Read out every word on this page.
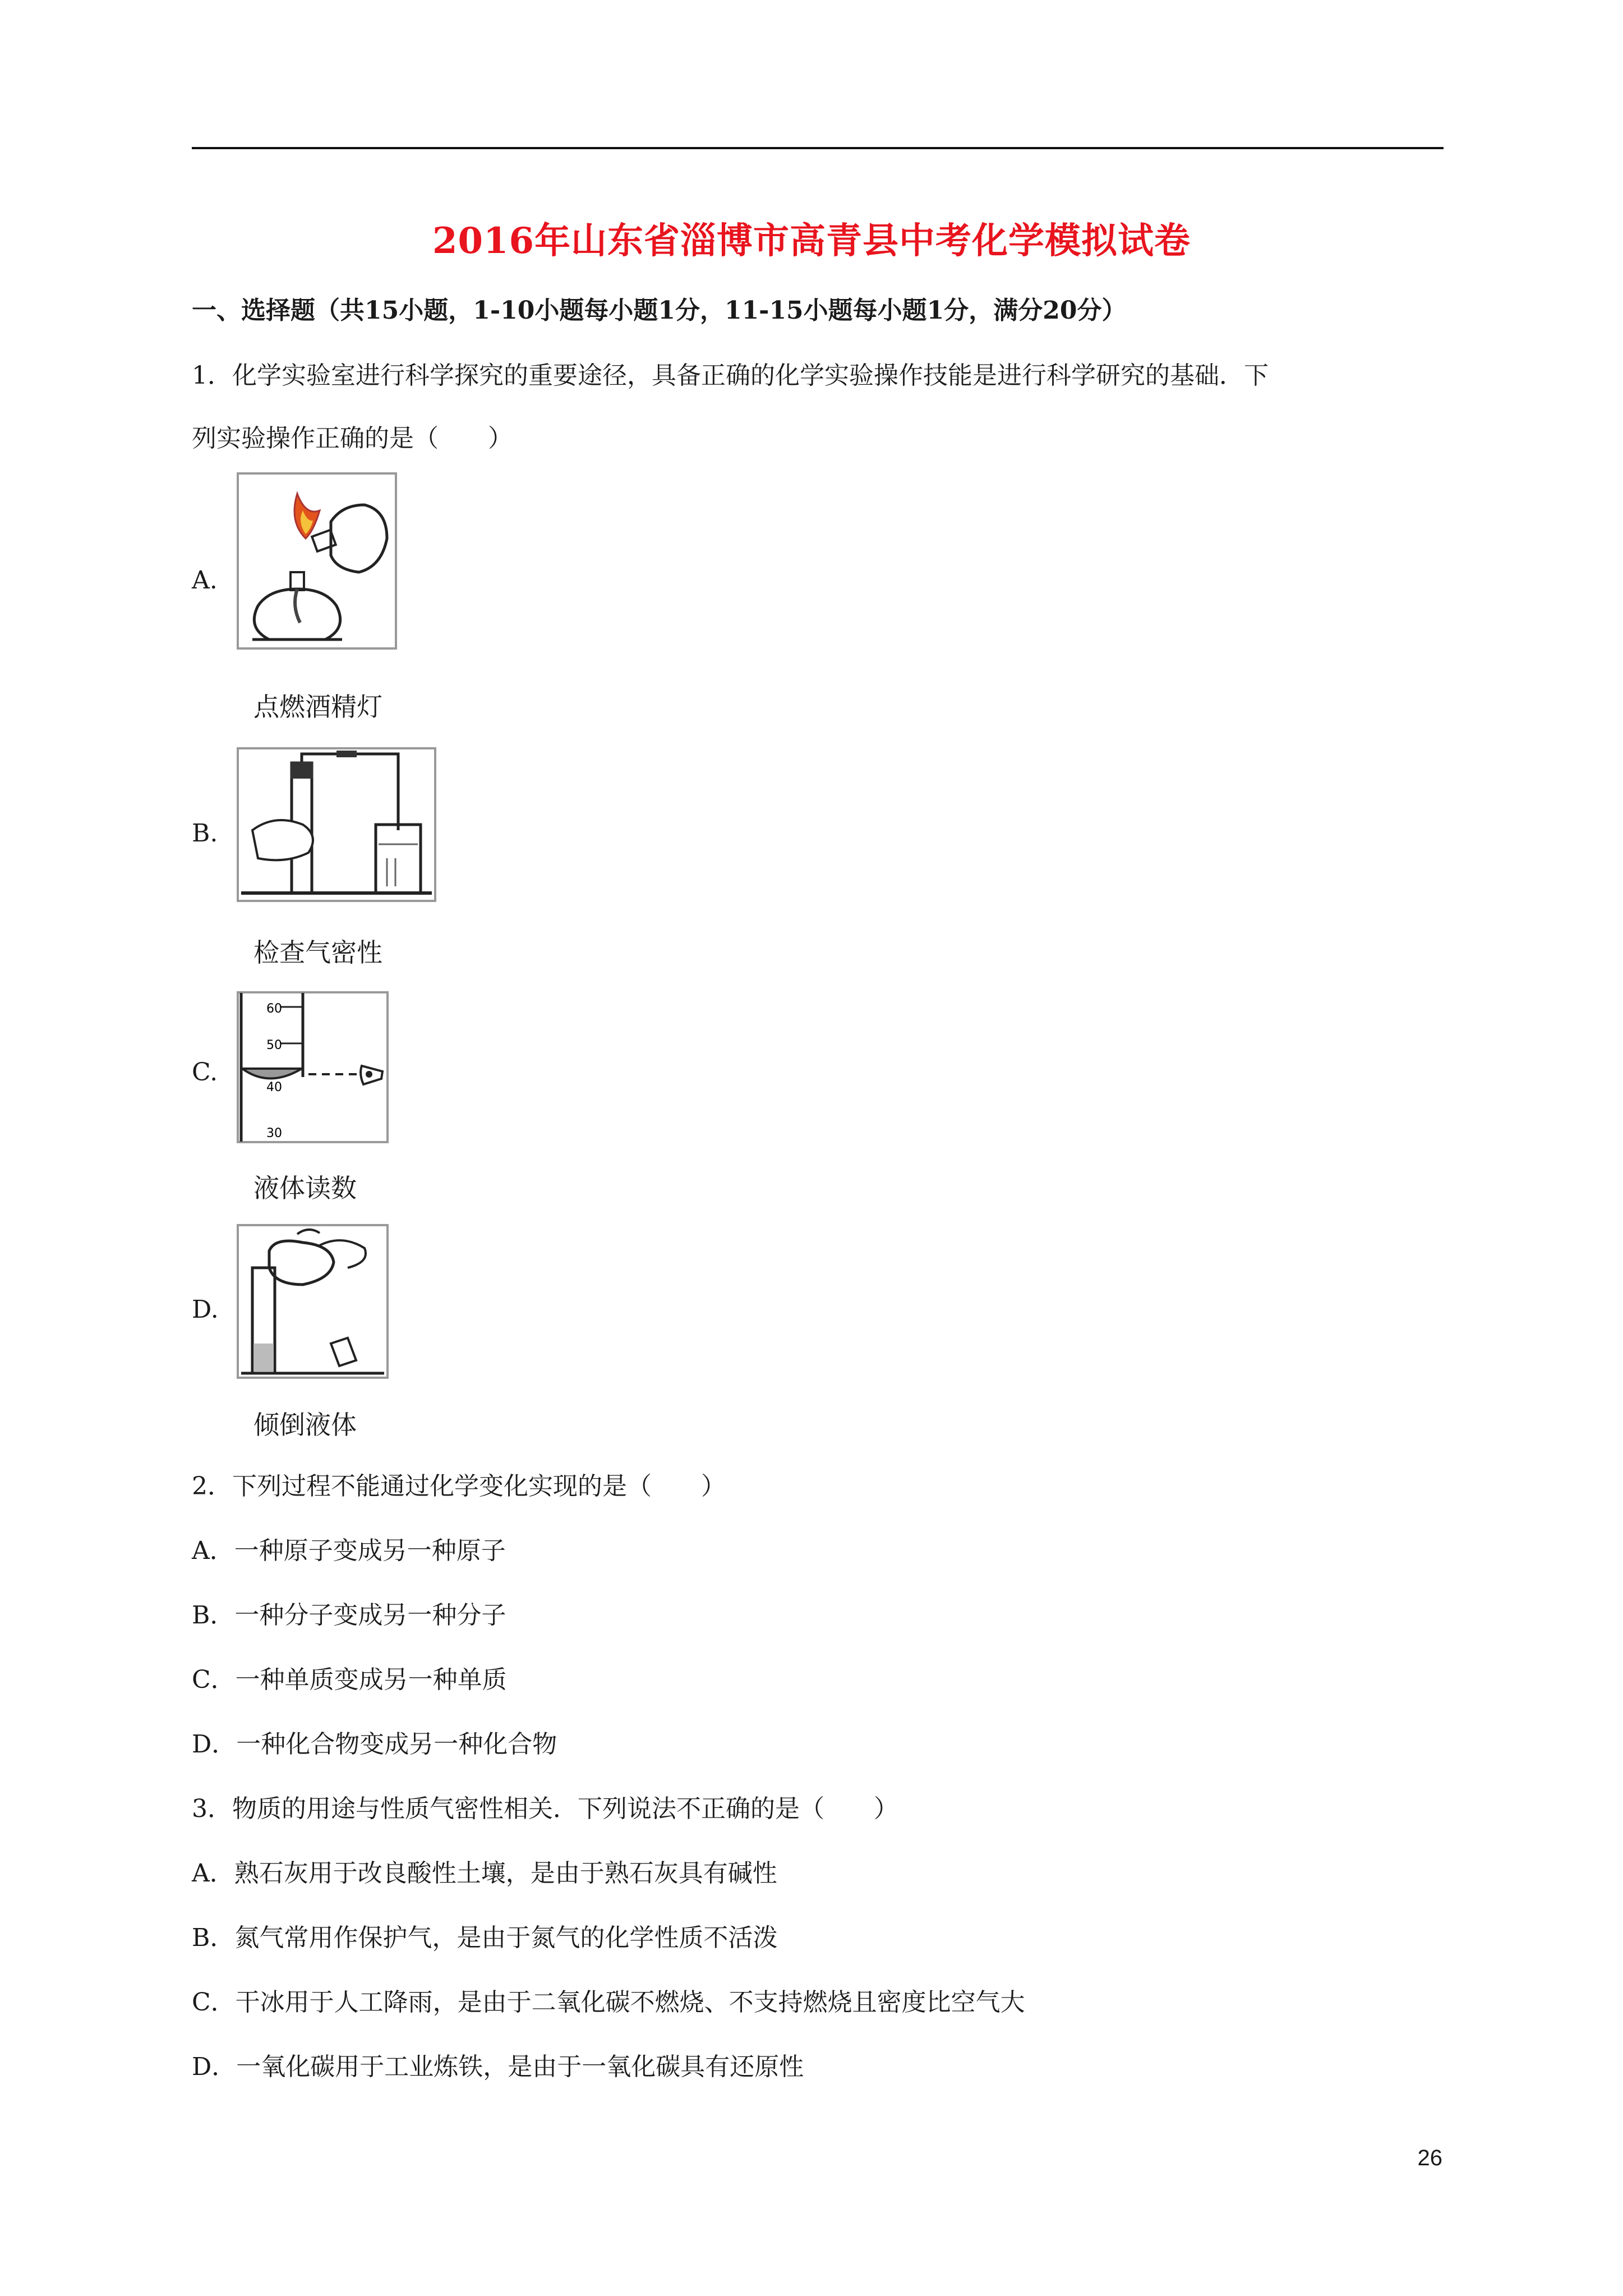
2016年山东省淄博市高青县中考化学模拟试卷
一、选择题（共15小题，1-10小题每小题1分，11-15小题每小题1分，满分20分）
1．化学实验室进行科学探究的重要途径，具备正确的化学实验操作技能是进行科学研究的基础．下
列实验操作正确的是（　　）
A.
点燃酒精灯
B.
检查气密性
C.
60
50
40
30
液体读数
D.
倾倒液体
2．下列过程不能通过化学变化实现的是（　　）
A．一种原子变成另一种原子
B．一种分子变成另一种分子
C．一种单质变成另一种单质
D．一种化合物变成另一种化合物
3．物质的用途与性质气密性相关．下列说法不正确的是（　　）
A．熟石灰用于改良酸性土壤，是由于熟石灰具有碱性
B．氮气常用作保护气，是由于氮气的化学性质不活泼
C．干冰用于人工降雨，是由于二氧化碳不燃烧、不支持燃烧且密度比空气大
D．一氧化碳用于工业炼铁，是由于一氧化碳具有还原性
26
